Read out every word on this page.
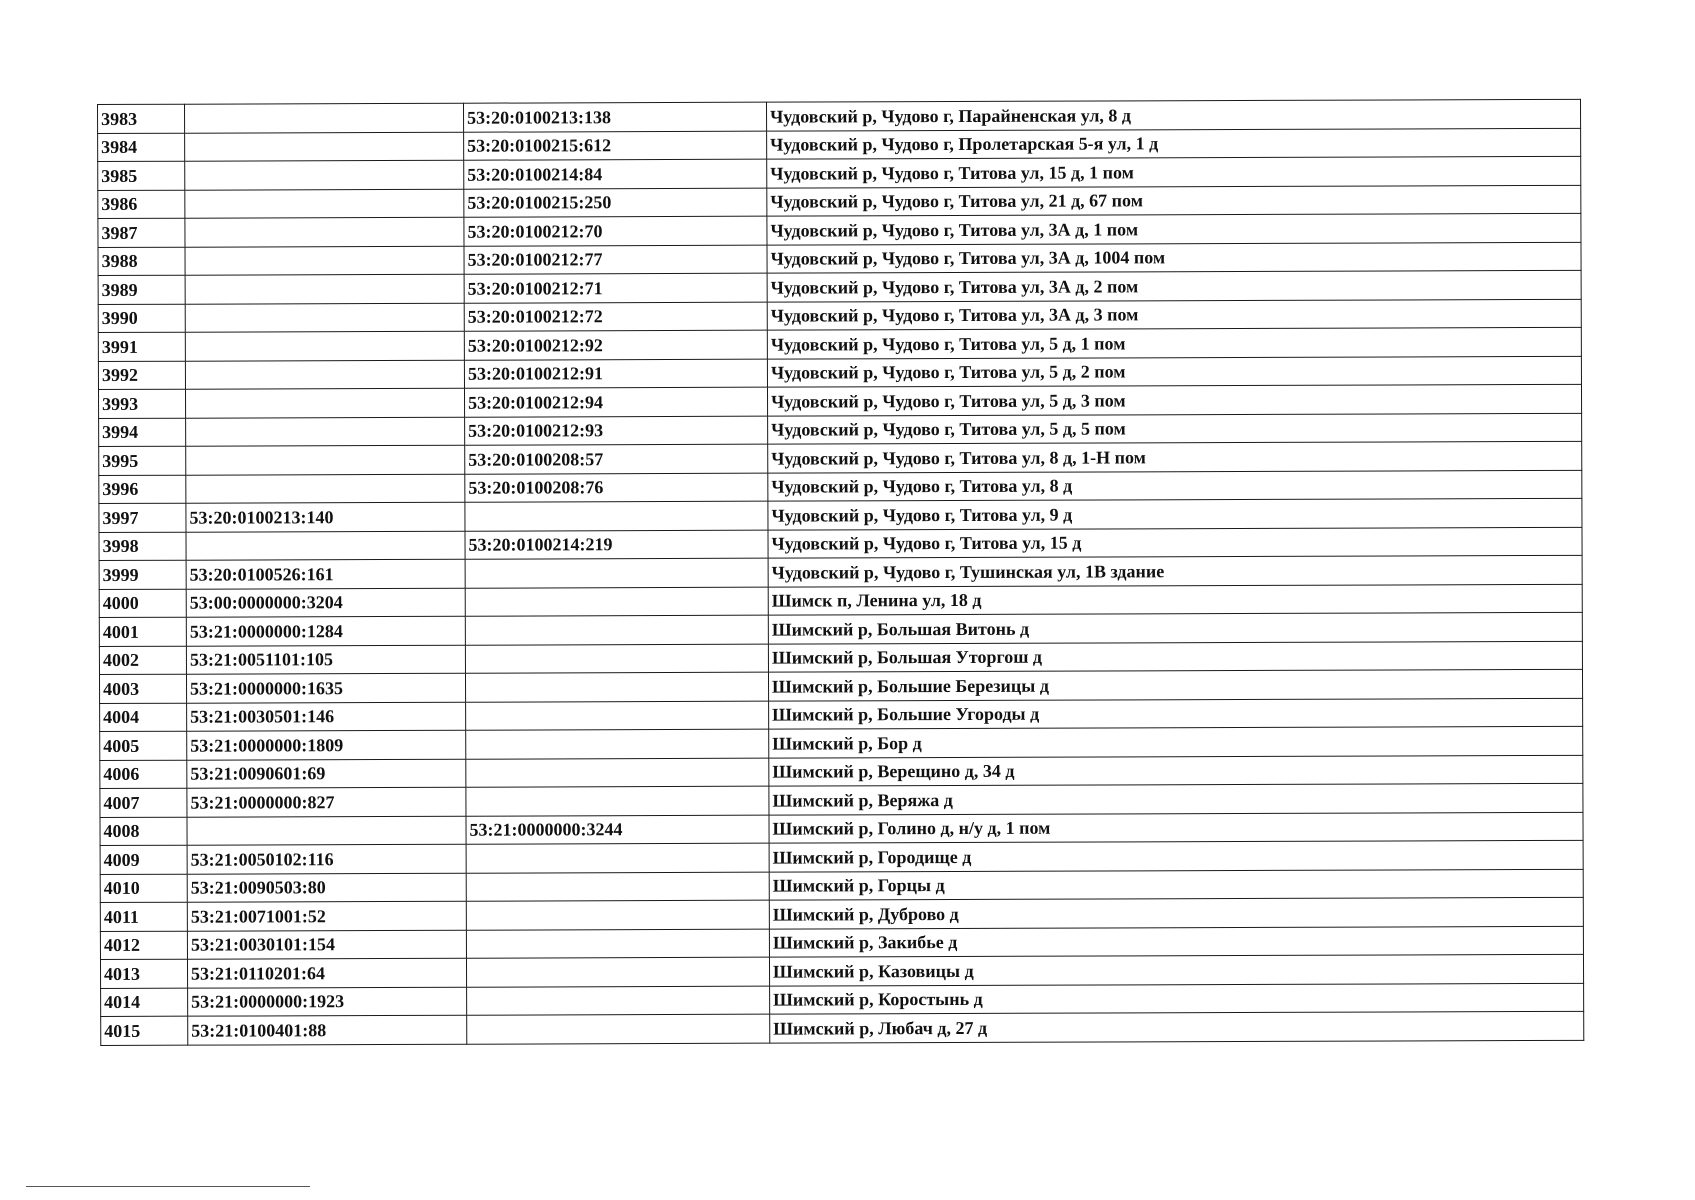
3983		53:20:0100213:138	Чудовский р, Чудово г, Парайненская ул, 8 д
3984		53:20:0100215:612	Чудовский р, Чудово г, Пролетарская 5-я ул, 1 д
3985		53:20:0100214:84	Чудовский р, Чудово г, Титова ул, 15 д, 1 пом
3986		53:20:0100215:250	Чудовский р, Чудово г, Титова ул, 21 д, 67 пом
3987		53:20:0100212:70	Чудовский р, Чудово г, Титова ул, 3А д, 1 пом
3988		53:20:0100212:77	Чудовский р, Чудово г, Титова ул, 3А д, 1004 пом
3989		53:20:0100212:71	Чудовский р, Чудово г, Титова ул, 3А д, 2 пом
3990		53:20:0100212:72	Чудовский р, Чудово г, Титова ул, 3А д, 3 пом
3991		53:20:0100212:92	Чудовский р, Чудово г, Титова ул, 5 д, 1 пом
3992		53:20:0100212:91	Чудовский р, Чудово г, Титова ул, 5 д, 2 пом
3993		53:20:0100212:94	Чудовский р, Чудово г, Титова ул, 5 д, 3 пом
3994		53:20:0100212:93	Чудовский р, Чудово г, Титова ул, 5 д, 5 пом
3995		53:20:0100208:57	Чудовский р, Чудово г, Титова ул, 8 д, 1-Н пом
3996		53:20:0100208:76	Чудовский р, Чудово г, Титова ул, 8 д
3997	53:20:0100213:140		Чудовский р, Чудово г, Титова ул, 9 д
3998		53:20:0100214:219	Чудовский р, Чудово г, Титова ул, 15 д
3999	53:20:0100526:161		Чудовский р, Чудово г, Тушинская ул, 1В здание
4000	53:00:0000000:3204		Шимск п, Ленина ул, 18 д
4001	53:21:0000000:1284		Шимский р, Большая Витонь д
4002	53:21:0051101:105		Шимский р, Большая Уторгош д
4003	53:21:0000000:1635		Шимский р, Большие Березицы д
4004	53:21:0030501:146		Шимский р, Большие Угороды д
4005	53:21:0000000:1809		Шимский р, Бор д
4006	53:21:0090601:69		Шимский р, Верещино д, 34 д
4007	53:21:0000000:827		Шимский р, Веряжа д
4008		53:21:0000000:3244	Шимский р, Голино д, н/у д, 1 пом
4009	53:21:0050102:116		Шимский р, Городище д
4010	53:21:0090503:80		Шимский р, Горцы д
4011	53:21:0071001:52		Шимский р, Дуброво д
4012	53:21:0030101:154		Шимский р, Закибье д
4013	53:21:0110201:64		Шимский р, Казовицы д
4014	53:21:0000000:1923		Шимский р, Коростынь д
4015	53:21:0100401:88		Шимский р, Любач д, 27 д
